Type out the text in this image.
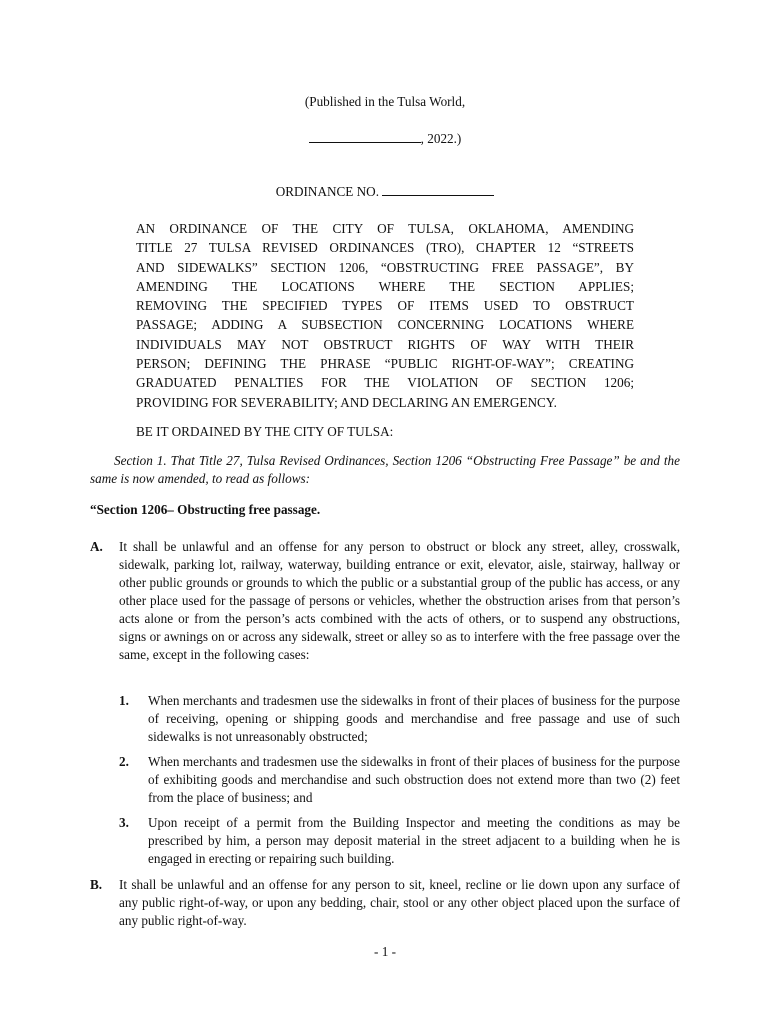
(Published in the Tulsa World,
, 2022.)
ORDINANCE NO.
AN ORDINANCE OF THE CITY OF TULSA, OKLAHOMA, AMENDING
TITLE 27 TULSA REVISED ORDINANCES (TRO), CHAPTER 12 “STREETS
AND SIDEWALKS” SECTION 1206, “OBSTRUCTING FREE PASSAGE”, BY
AMENDING THE LOCATIONS WHERE THE SECTION APPLIES;
REMOVING THE SPECIFIED TYPES OF ITEMS USED TO OBSTRUCT
PASSAGE; ADDING A SUBSECTION CONCERNING LOCATIONS WHERE
INDIVIDUALS MAY NOT OBSTRUCT RIGHTS OF WAY WITH THEIR
PERSON; DEFINING THE PHRASE “PUBLIC RIGHT-OF-WAY”; CREATING
GRADUATED PENALTIES FOR THE VIOLATION OF SECTION 1206;
PROVIDING FOR SEVERABILITY; AND DECLARING AN EMERGENCY.
BE IT ORDAINED BY THE CITY OF TULSA:
Section 1. That Title 27, Tulsa Revised Ordinances, Section 1206 “Obstructing Free Passage” be and the same is now amended, to read as follows:
“Section 1206– Obstructing free passage.
A. It shall be unlawful and an offense for any person to obstruct or block any street, alley, crosswalk, sidewalk, parking lot, railway, waterway, building entrance or exit, elevator, aisle, stairway, hallway or other public grounds or grounds to which the public or a substantial group of the public has access, or any other place used for the passage of persons or vehicles, whether the obstruction arises from that person’s acts alone or from the person’s acts combined with the acts of others, or to suspend any obstructions, signs or awnings on or across any sidewalk, street or alley so as to interfere with the free passage over the same, except in the following cases:
1. When merchants and tradesmen use the sidewalks in front of their places of business for the purpose of receiving, opening or shipping goods and merchandise and free passage and use of such sidewalks is not unreasonably obstructed;
2. When merchants and tradesmen use the sidewalks in front of their places of business for the purpose of exhibiting goods and merchandise and such obstruction does not extend more than two (2) feet from the place of business; and
3. Upon receipt of a permit from the Building Inspector and meeting the conditions as may be prescribed by him, a person may deposit material in the street adjacent to a building when he is engaged in erecting or repairing such building.
B. It shall be unlawful and an offense for any person to sit, kneel, recline or lie down upon any surface of any public right-of-way, or upon any bedding, chair, stool or any other object placed upon the surface of any public right-of-way.
- 1 -
